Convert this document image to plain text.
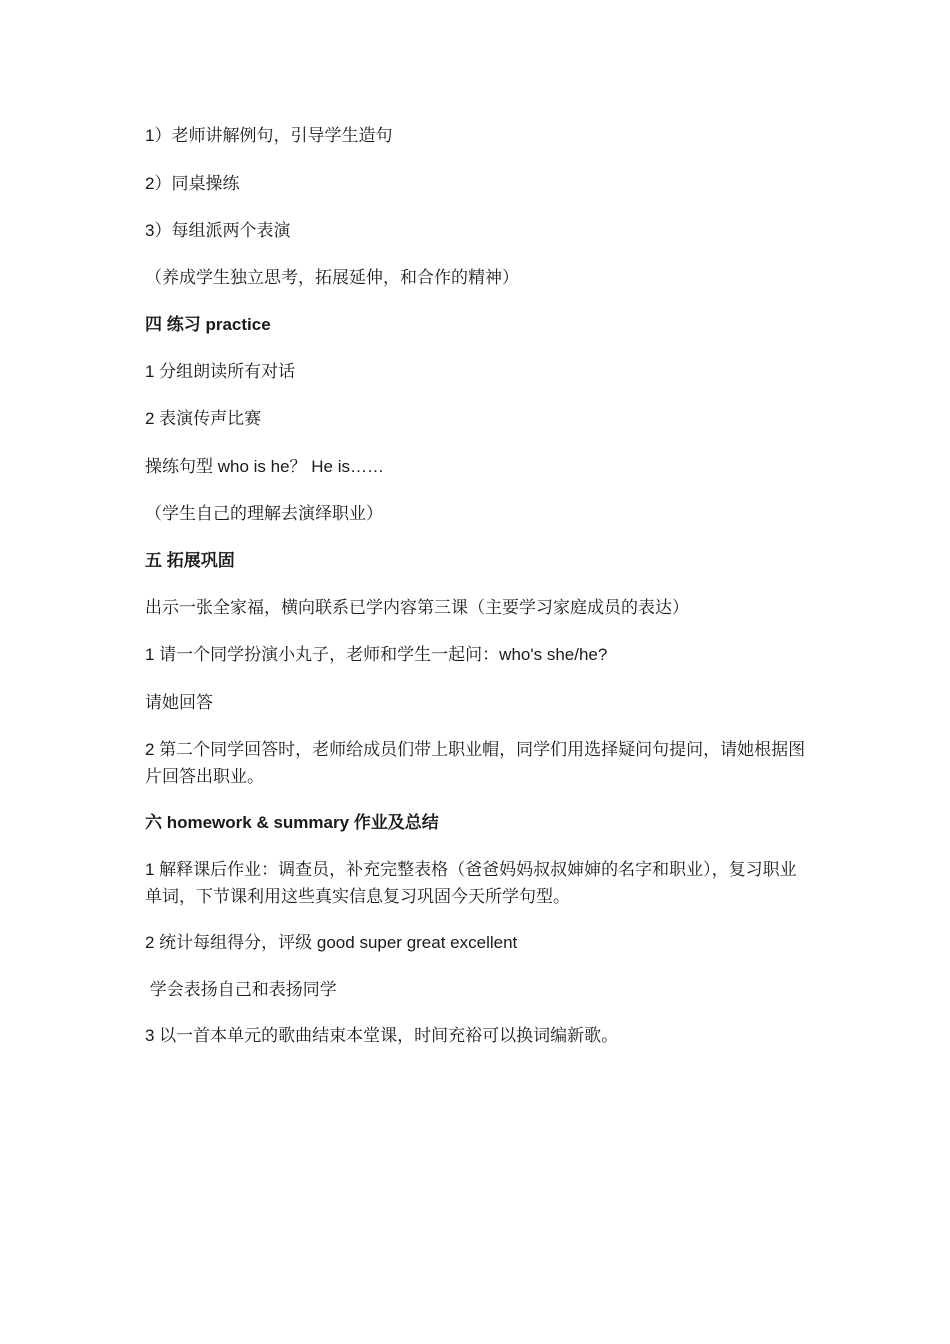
1）老师讲解例句，引导学生造句

2）同桌操练

3）每组派两个表演

（养成学生独立思考，拓展延伸，和合作的精神）

四 练习 practice

1 分组朗读所有对话

2 表演传声比赛

操练句型 who is he？ He is……

（学生自己的理解去演绎职业）

五 拓展巩固

出示一张全家福，横向联系已学内容第三课（主要学习家庭成员的表达）

1 请一个同学扮演小丸子，老师和学生一起问：who's she/he?

请她回答

2 第二个同学回答时，老师给成员们带上职业帽，同学们用选择疑问句提问，请她根据图片回答出职业。

六 homework & summary 作业及总结

1 解释课后作业：调查员，补充完整表格（爸爸妈妈叔叔婶婶的名字和职业），复习职业单词，下节课利用这些真实信息复习巩固今天所学句型。

2 统计每组得分，评级 good super great excellent

学会表扬自己和表扬同学

3 以一首本单元的歌曲结束本堂课，时间充裕可以换词编新歌。
